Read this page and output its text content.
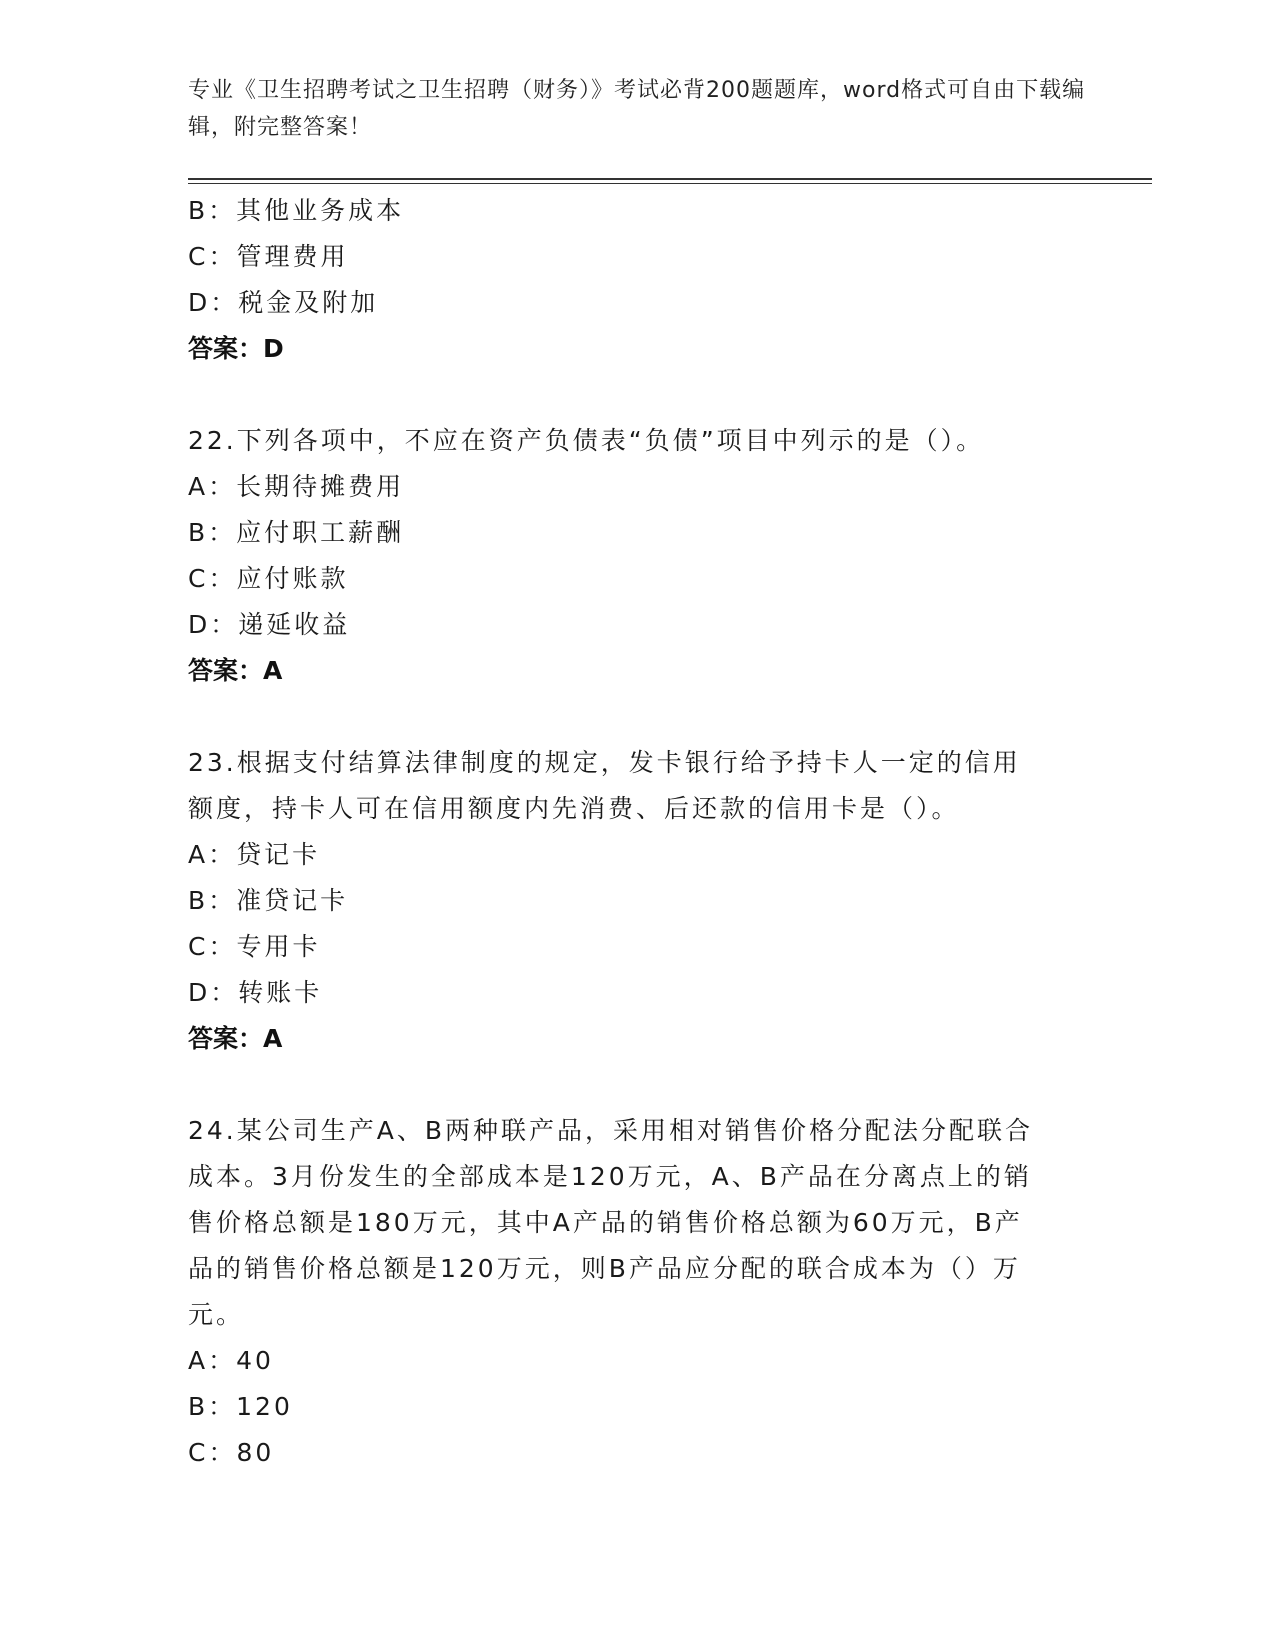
专业《卫生招聘考试之卫生招聘（财务）》考试必背200题题库，word格式可自由下载编辑，附完整答案！
B：其他业务成本
C：管理费用
D：税金及附加
答案：D
22.下列各项中，不应在资产负债表“负债”项目中列示的是（）。
A：长期待摊费用
B：应付职工薪酬
C：应付账款
D：递延收益
答案：A
23.根据支付结算法律制度的规定，发卡银行给予持卡人一定的信用额度，持卡人可在信用额度内先消费、后还款的信用卡是（）。
A：贷记卡
B：准贷记卡
C：专用卡
D：转账卡
答案：A
24.某公司生产A、B两种联产品，采用相对销售价格分配法分配联合成本。3月份发生的全部成本是120万元，A、B产品在分离点上的销售价格总额是180万元，其中A产品的销售价格总额为60万元，B产品的销售价格总额是120万元，则B产品应分配的联合成本为（）万元。
A：40
B：120
C：80
